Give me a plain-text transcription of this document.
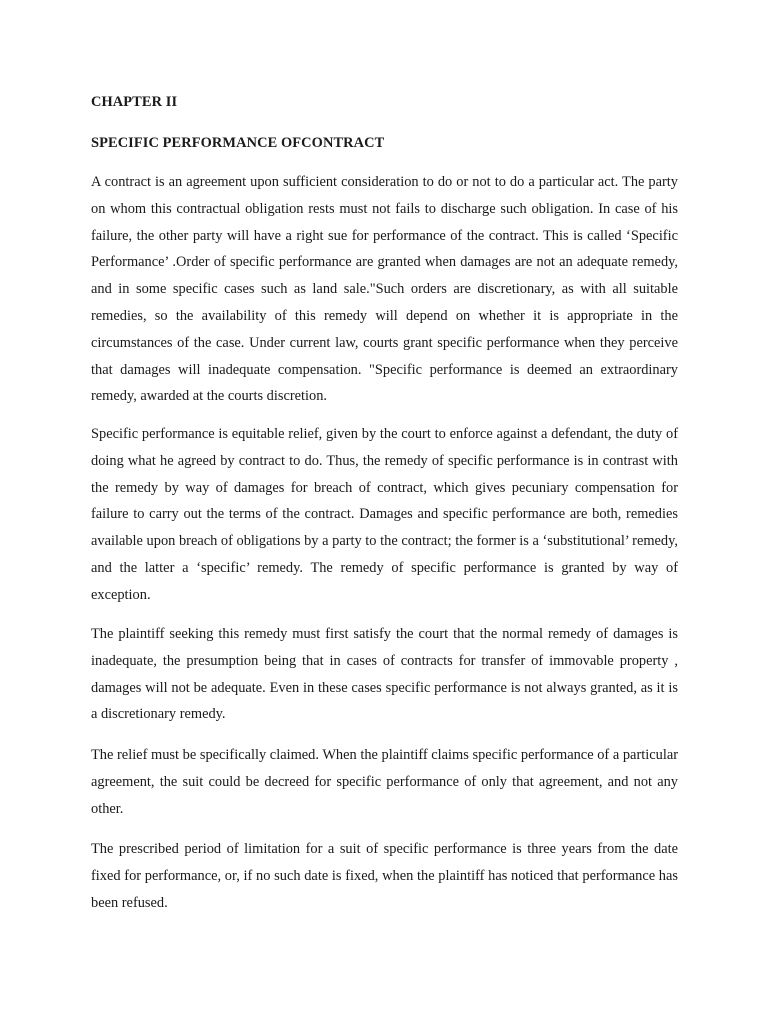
CHAPTER II
SPECIFIC PERFORMANCE OFCONTRACT

A contract is an agreement upon sufficient consideration to do or not to do a particular act. The party on whom this contractual obligation rests must not fails to discharge such obligation. In case of his failure, the other party will have a right sue for performance of the contract. This is called ‘Specific Performance’ .Order of specific performance are granted when damages are not an adequate remedy, and in some specific cases such as land sale."Such orders are discretionary, as with all suitable remedies, so the availability of this remedy will depend on whether it is appropriate in the circumstances of the case. Under current law, courts grant specific performance when they perceive that damages will inadequate compensation. "Specific performance is deemed an extraordinary remedy, awarded at the courts discretion.

Specific performance is equitable relief, given by the court to enforce against a defendant, the duty of doing what he agreed by contract to do. Thus, the remedy of specific performance is in contrast with the remedy by way of damages for breach of contract, which gives pecuniary compensation for failure to carry out the terms of the contract. Damages and specific performance are both, remedies available upon breach of obligations by a party to the contract; the former is a ‘substitutional’ remedy, and the latter a ‘specific’ remedy. The remedy of specific performance is granted by way of exception.

The plaintiff seeking this remedy must first satisfy the court that the normal remedy of damages is inadequate, the presumption being that in cases of contracts for transfer of immovable property , damages will not be adequate. Even in these cases specific performance is not always granted, as it is a discretionary remedy.

The relief must be specifically claimed. When the plaintiff claims specific performance of a particular agreement, the suit could be decreed for specific performance of only that agreement, and not any other.

The prescribed period of limitation for a suit of specific performance is three years from the date fixed for performance, or, if no such date is fixed, when the plaintiff has noticed that performance has been refused.
